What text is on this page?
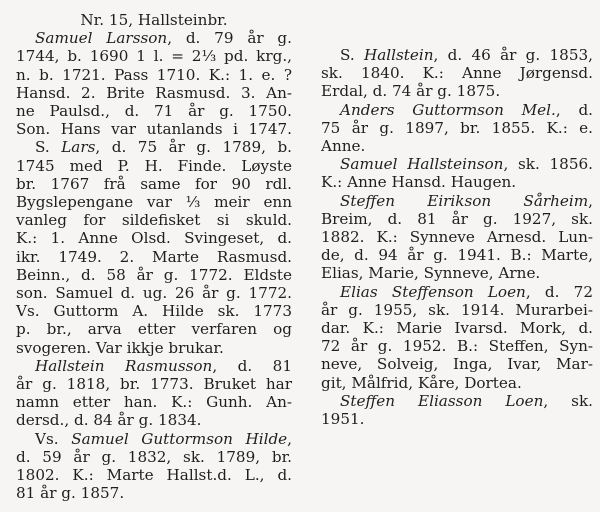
Nr. 15, Hallsteinbr.
Samuel Larsson, d. 79 år g.
1744, b. 1690 1 l. = 2⅓ pd. krg.,
n. b. 1721. Pass 1710. K.: 1. e. ?
Hansd. 2. Brite Rasmusd. 3. An-
ne Paulsd., d. 71 år g. 1750.
Son. Hans var utanlands i 1747.
S. Lars, d. 75 år g. 1789, b.
1745 med P. H. Finde. Løyste
br. 1767 frå same for 90 rdl.
Bygslepengane var ⅓ meir enn
vanleg for sildefisket si skuld.
K.: 1. Anne Olsd. Svingeset, d.
ikr. 1749. 2. Marte Rasmusd.
Beinn., d. 58 år g. 1772. Eldste
son. Samuel d. ug. 26 år g. 1772.
Vs. Guttorm A. Hilde sk. 1773
p. br., arva etter verfaren og
svogeren. Var ikkje brukar.
Hallstein Rasmusson, d. 81
år g. 1818, br. 1773. Bruket har
namn etter han. K.: Gunh. An-
dersd., d. 84 år g. 1834.
Vs. Samuel Guttormson Hilde,
d. 59 år g. 1832, sk. 1789, br.
1802. K.: Marte Hallst.d. L., d.
81 år g. 1857.
S. Hallstein, d. 46 år g. 1853,
sk. 1840. K.: Anne Jørgensd.
Erdal, d. 74 år g. 1875.
Anders Guttormson Mel., d.
75 år g. 1897, br. 1855. K.: e.
Anne.
Samuel Hallsteinson, sk. 1856.
K.: Anne Hansd. Haugen.
Steffen Eirikson Sårheim,
Breim, d. 81 år g. 1927, sk.
1882. K.: Synneve Arnesd. Lun-
de, d. 94 år g. 1941. B.: Marte,
Elias, Marie, Synneve, Arne.
Elias Steffenson Loen, d. 72
år g. 1955, sk. 1914. Murarbei-
dar. K.: Marie Ivarsd. Mork, d.
72 år g. 1952. B.: Steffen, Syn-
neve, Solveig, Inga, Ivar, Mar-
git, Målfrid, Kåre, Dortea.
Steffen Eliasson Loen, sk.
1951.
